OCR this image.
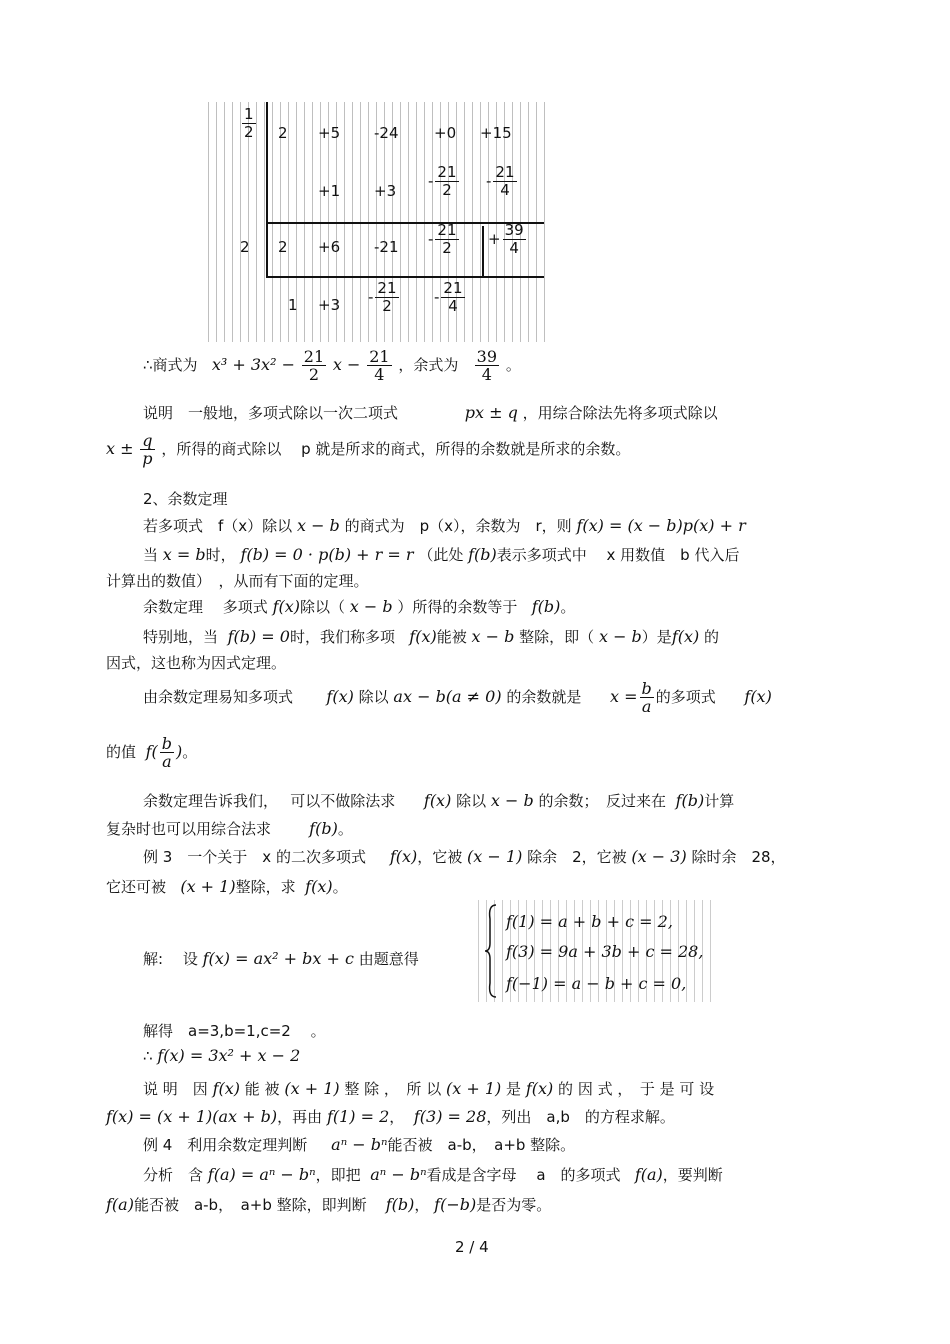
$\frac{1}{2} 2 +5$ -24 +0 +15
+1 +3
- $\frac{21}{2} - \frac{21}{4}$
2 2 +6 $-21 - \frac{21}{2} + \frac{39}{4}$
$1 +3 - \frac{21}{2} - \frac{21}{4}$
∴商式为 $x^3 + 3x^2 - \frac{21}{2}$ $x - \frac{21}{4}$ ，余式为 $\frac{39}{4}$ 。
说明　一般地，多项式除以一次二项式	px ± q ，用综合除法先将多项式除以
$x \pm \frac{q}{p}$ ，所得的商式除以　 p 就是所求的商式，所得的余数就是所求的余数。
2、余数定理
若多项式　f（x）除以 x − b 的商式为　p（x），余数为　r，则 f(x) = (x − b)p(x) + r
当 x = b时， f(b) = 0 · p(b) + r = r （此处 f(b)表示多项式中　 x 用数值　b 代入后
计算出的数值）　，从而有下面的定理。
余数定理　 多项式 f(x)除以（ x − b ）所得的余数等于 f(b)。
特别地，当 f(b) = 0时，我们称多项 f(x)能被 x − b 整除，即（ x − b）是f(x) 的
因式，这也称为因式定理。
由余数定理易知多项式 f(x) 除以 ax − b(a ≠ 0) 的余数就是 $x = \frac{b}{a}$ 的多项式 f(x)
的值 $f( \frac{b}{a}$ )。
余数定理告诉我们，　 可以不做除法求 f(x) 除以 x − b 的余数；　反过来在 f(b)计算
复杂时也可以用综合法求 f(b)。
例 3　一个关于　x 的二次多项式 f(x)，它被 (x − 1) 除余　2，它被 (x − 3) 除时余　28，
它还可被 (x + 1)整除，求 f(x)。
解:　 设 f(x) = ax² + bx + c 由题意得
f(1) = a + b + c = 2,
f(3) = 9a + 3b + c = 28,
f(−1) = a − b + c = 0,
解得　a=3,b=1,c=2　 。
∴ f(x) = 3x² + x − 2
说 明　因 f(x) 能 被 (x + 1) 整 除 ，　所 以 (x + 1) 是 f(x) 的 因 式 ，　于 是 可 设
f(x) = (x + 1)(ax + b)，再由 f(1) = 2， f(3) = 28，列出　a,b　的方程求解。
例 4　利用余数定理判断 aⁿ − bⁿ能否被　a-b，　a+b 整除。
分析　含 f(a) = aⁿ − bⁿ，即把 aⁿ − bⁿ看成是含字母　 a　的多项式 f(a)，要判断
f(a)能否被　a-b，　a+b 整除，即判断 f(b)， f(−b)是否为零。
2 / 4
